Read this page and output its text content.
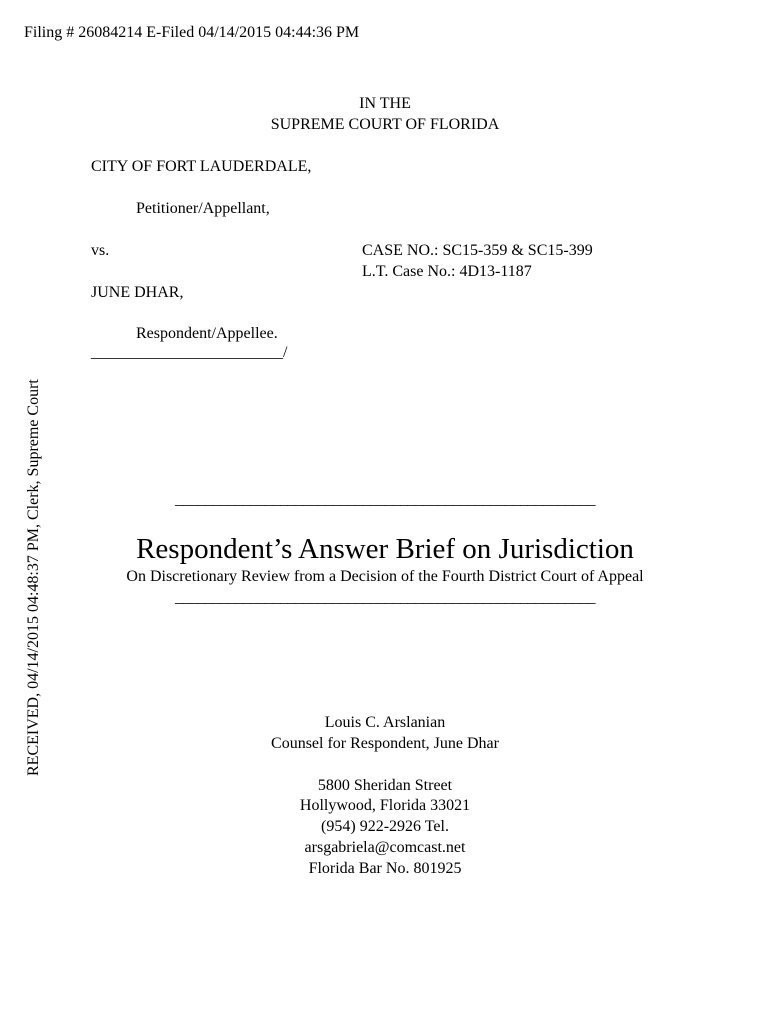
Filing # 26084214 E-Filed 04/14/2015 04:44:36 PM
RECEIVED, 04/14/2015 04:48:37 PM, Clerk, Supreme Court
IN THE
SUPREME COURT OF FLORIDA
CITY OF FORT LAUDERDALE,
Petitioner/Appellant,
vs.	CASE NO.: SC15-359 & SC15-399
L.T. Case No.: 4D13-1187
JUNE DHAR,
Respondent/Appellee.
________________________/
________________________________________________________
Respondent’s Answer Brief on Jurisdiction
On Discretionary Review from a Decision of the Fourth District Court of Appeal
________________________________________________________
Louis C. Arslanian
Counsel for Respondent, June Dhar
5800 Sheridan Street
Hollywood, Florida 33021
(954) 922-2926 Tel.
arsgabriela@comcast.net
Florida Bar No. 801925
